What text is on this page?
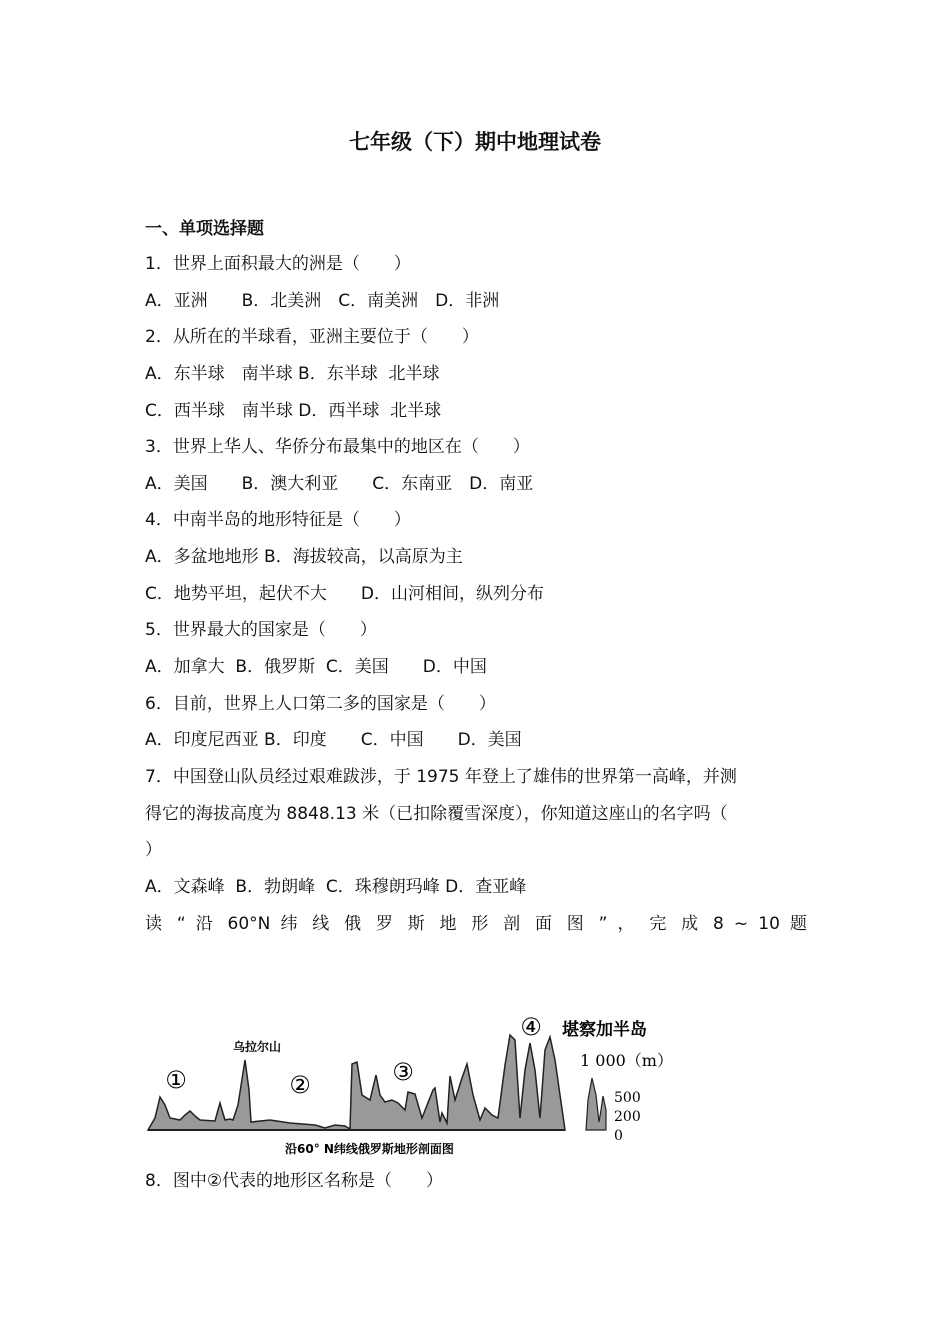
七年级（下）期中地理试卷
一、单项选择题
1．世界上面积最大的洲是（　　）
A．亚洲　　B．北美洲　C．南美洲　D．非洲
2．从所在的半球看，亚洲主要位于（　　）
A．东半球　南半球 B．东半球  北半球
C．西半球　南半球 D．西半球  北半球
3．世界上华人、华侨分布最集中的地区在（　　）
A．美国　　B．澳大利亚　　C．东南亚　D．南亚
4．中南半岛的地形特征是（　　）
A．多盆地地形 B．海拔较高，以高原为主
C．地势平坦，起伏不大　　D．山河相间，纵列分布
5．世界最大的国家是（　　）
A．加拿大  B．俄罗斯  C．美国　　D．中国
6．目前，世界上人口第二多的国家是（　　）
A．印度尼西亚 B．印度　　C．中国　　D．美国
7．中国登山队员经过艰难跋涉，于 1975 年登上了雄伟的世界第一高峰，并测
得它的海拔高度为 8848.13 米（已扣除覆雪深度），你知道这座山的名字吗（
）
A．文森峰  B．勃朗峰  C．珠穆朗玛峰 D．查亚峰
读 “ 沿 60°N 纬 线 俄 罗 斯 地 形 剖 面 图 ” ， 完 成 8 ~ 10 题
①	②	③
④
乌拉尔山
堪察加半岛
1 000（m）
500
200
0
沿60° N纬线俄罗斯地形剖面图
8．图中②代表的地形区名称是（　　）
